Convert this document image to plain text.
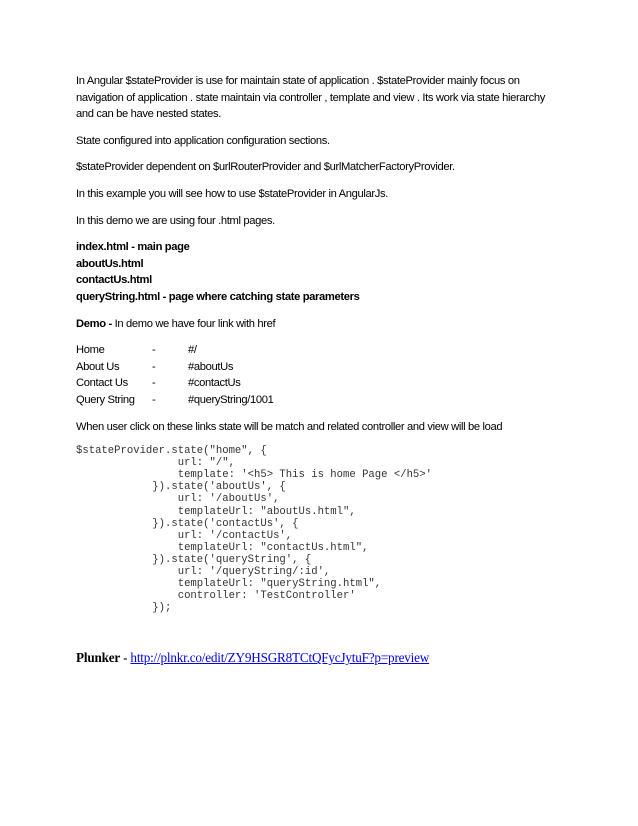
In Angular $stateProvider is use for maintain state of application . $stateProvider mainly focus on
navigation of application . state maintain via controller , template and view . Its work via state hierarchy
and can be have nested states.

State configured into application configuration sections.

$stateProvider dependent on $urlRouterProvider and $urlMatcherFactoryProvider.

In this example you will see how to use $stateProvider in AngularJs.

In this demo we are using four .html pages.

index.html - main page
aboutUs.html
contactUs.html
queryString.html - page where catching state parameters

Demo - In demo we have four link with href

Home	-	#/
About Us	-	#aboutUs
Contact Us	-	#contactUs
Query String	-	#queryString/1001

When user click on these links state will be match and related controller and view will be load

$stateProvider.state("home", {
url: "/",
template: '<h5> This is home Page </h5>'
}).state('aboutUs', {
url: '/aboutUs',
templateUrl: "aboutUs.html",
}).state('contactUs', {
url: '/contactUs',
templateUrl: "contactUs.html",
}).state('queryString', {
url: '/queryString/:id',
templateUrl: "queryString.html",
controller: 'TestController'
});

Plunker - http://plnkr.co/edit/ZY9HSGR8TCtQFycJytuF?p=preview
